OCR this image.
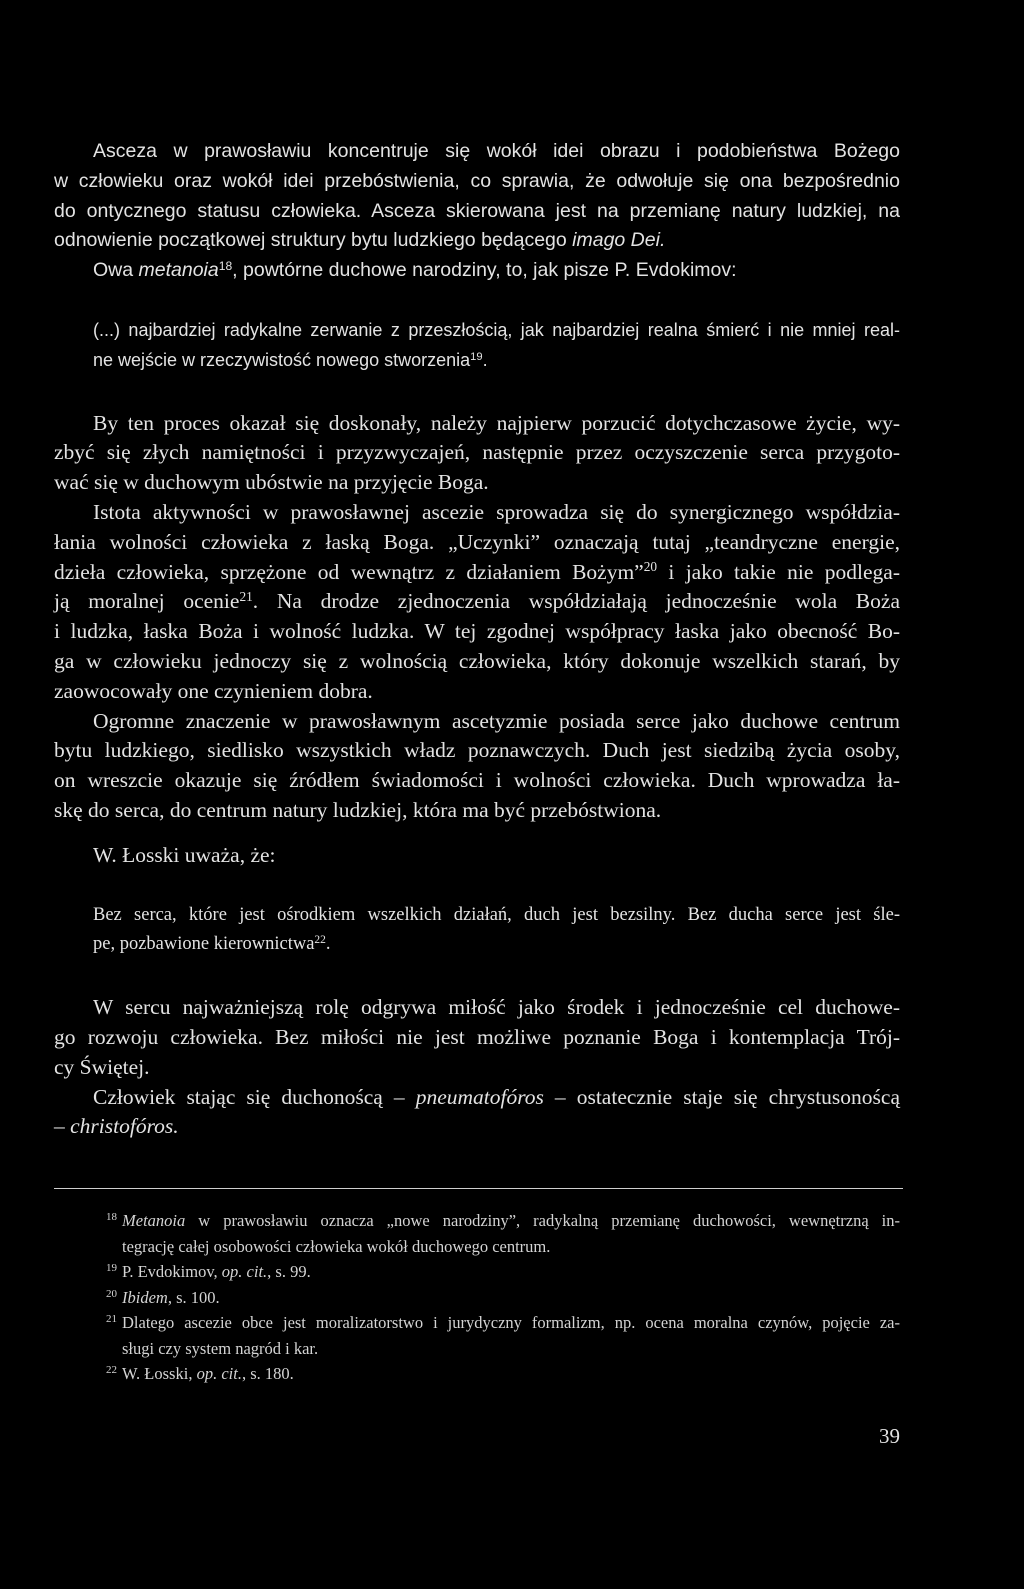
Asceza w prawosławiu koncentruje się wokół idei obrazu i podobieństwa Bożego
w człowieku oraz wokół idei przebóstwienia, co sprawia, że odwołuje się ona bezpośrednio
do ontycznego statusu człowieka. Asceza skierowana jest na przemianę natury ludzkiej, na
odnowienie początkowej struktury bytu ludzkiego będącego imago Dei.
Owa metanoia$^{18}$, powtórne duchowe narodziny, to, jak pisze P. Evdokimov:
(...) najbardziej radykalne zerwanie z przeszłością, jak najbardziej realna śmierć i nie mniej real-
ne wejście w rzeczywistość nowego stworzenia$^{19}$.
By ten proces okazał się doskonały, należy najpierw porzucić dotychczasowe życie, wy-
zbyć się złych namiętności i przyzwyczajeń, następnie przez oczyszczenie serca przygoto-
wać się w duchowym ubóstwie na przyjęcie Boga.
Istota aktywności w prawosławnej ascezie sprowadza się do synergicznego współdzia-
łania wolności człowieka z łaską Boga. „Uczynki” oznaczają tutaj „teandryczne energie,
dzieła człowieka, sprzężone od wewnątrz z działaniem Bożym”$^{20}$ i jako takie nie podlega-
ją moralnej ocenie$^{21}$. Na drodze zjednoczenia współdziałają jednocześnie wola Boża
i ludzka, łaska Boża i wolność ludzka. W tej zgodnej współpracy łaska jako obecność Bo-
ga w człowieku jednoczy się z wolnością człowieka, który dokonuje wszelkich starań, by
zaowocowały one czynieniem dobra.
Ogromne znaczenie w prawosławnym ascetyzmie posiada serce jako duchowe centrum
bytu ludzkiego, siedlisko wszystkich władz poznawczych. Duch jest siedzibą życia osoby,
on wreszcie okazuje się źródłem świadomości i wolności człowieka. Duch wprowadza ła-
skę do serca, do centrum natury ludzkiej, która ma być przebóstwiona.
W. Łosski uważa, że:
Bez serca, które jest ośrodkiem wszelkich działań, duch jest bezsilny. Bez ducha serce jest śle-
pe, pozbawione kierownictwa$^{22}$.
W sercu najważniejszą rolę odgrywa miłość jako środek i jednocześnie cel duchowe-
go rozwoju człowieka. Bez miłości nie jest możliwe poznanie Boga i kontemplacja Trój-
cy Świętej.
Człowiek stając się duchonoścą – pneumatofóros – ostatecznie staje się chrystusonoścą
– christofóros.
18 Metanoia w prawosławiu oznacza „nowe narodziny”, radykalną przemianę duchowości, wewnętrzną in-
tegrację całej osobowości człowieka wokół duchowego centrum.
19 P. Evdokimov, op. cit., s. 99.
20 Ibidem, s. 100.
21 Dlatego ascezie obce jest moralizatorstwo i jurydyczny formalizm, np. ocena moralna czynów, pojęcie za-
sługi czy system nagród i kar.
22 W. Łosski, op. cit., s. 180.
39
